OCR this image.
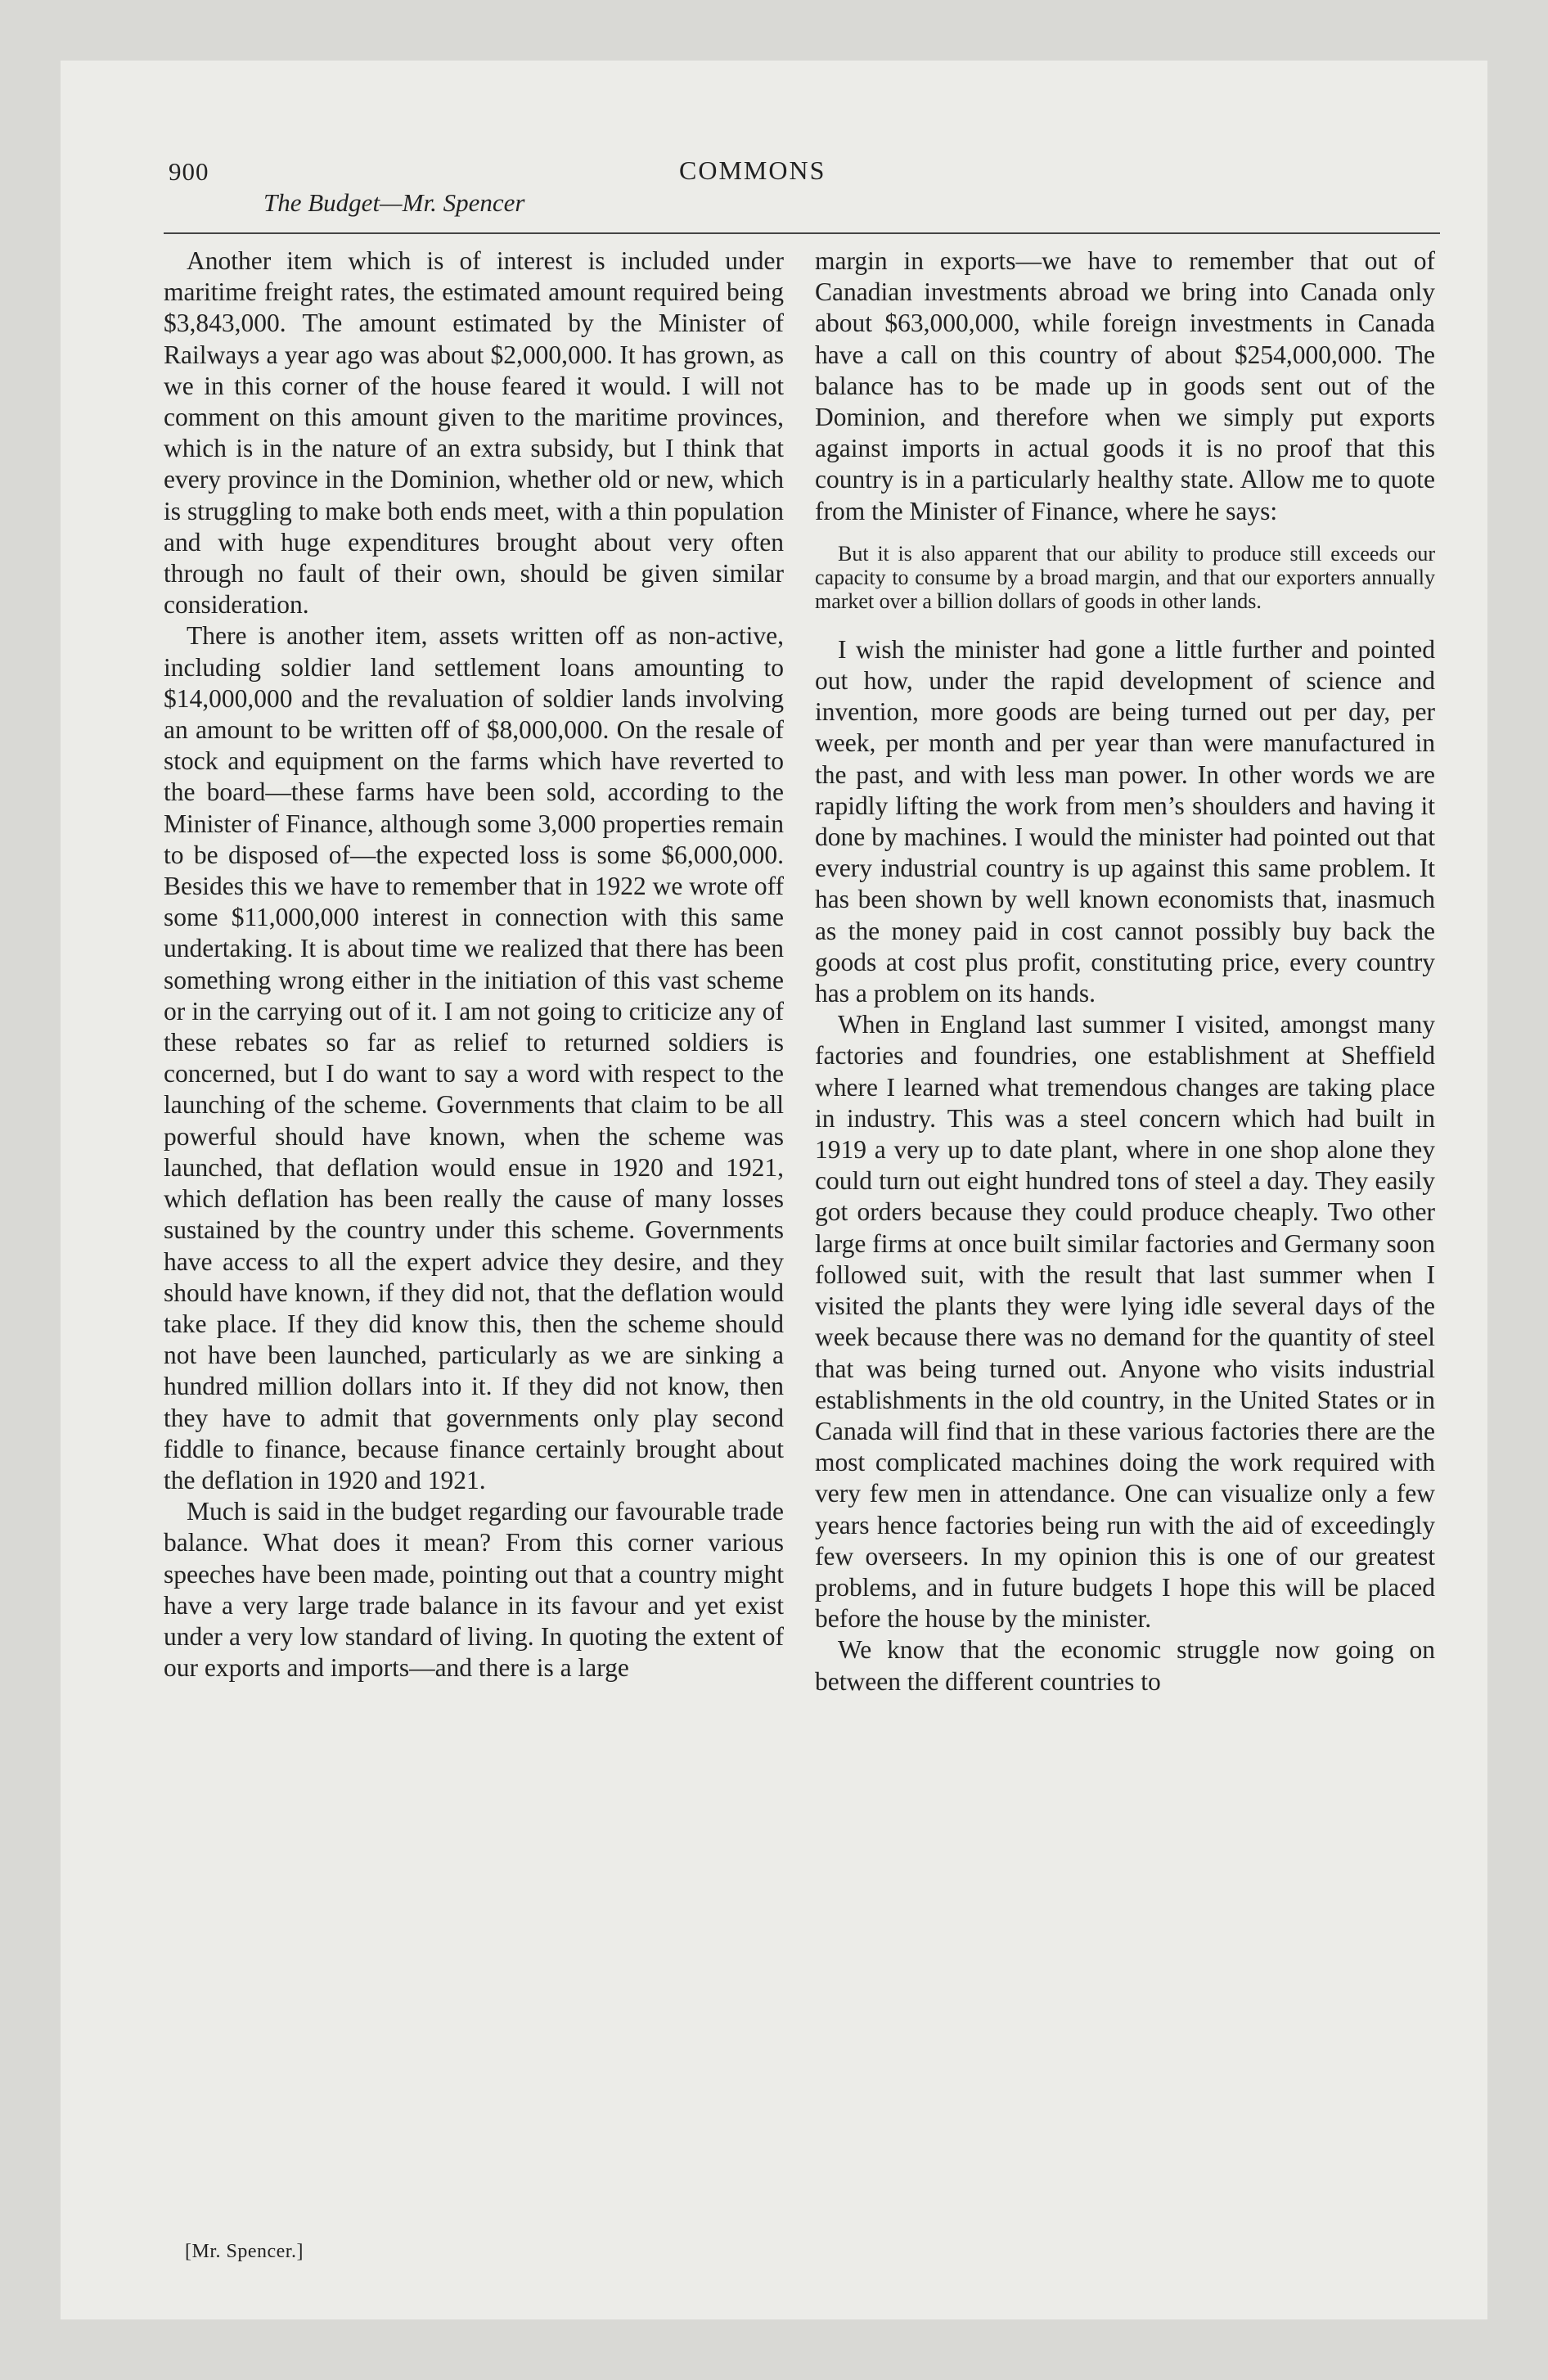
900	COMMONS
The Budget—Mr. Spencer

Another item which is of interest is included under maritime freight rates, the estimated amount required being $3,843,000. The amount estimated by the Minister of Railways a year ago was about $2,000,000. It has grown, as we in this corner of the house feared it would. I will not comment on this amount given to the maritime provinces, which is in the nature of an extra subsidy, but I think that every province in the Dominion, whether old or new, which is struggling to make both ends meet, with a thin population and with huge expenditures brought about very often through no fault of their own, should be given similar consideration.

There is another item, assets written off as non-active, including soldier land settlement loans amounting to $14,000,000 and the revaluation of soldier lands involving an amount to be written off of $8,000,000. On the resale of stock and equipment on the farms which have reverted to the board—these farms have been sold, according to the Minister of Finance, although some 3,000 properties remain to be disposed of—the expected loss is some $6,000,000. Besides this we have to remember that in 1922 we wrote off some $11,000,000 interest in connection with this same undertaking. It is about time we realized that there has been something wrong either in the initiation of this vast scheme or in the carrying out of it. I am not going to criticize any of these rebates so far as relief to returned soldiers is concerned, but I do want to say a word with respect to the launching of the scheme. Governments that claim to be all powerful should have known, when the scheme was launched, that deflation would ensue in 1920 and 1921, which deflation has been really the cause of many losses sustained by the country under this scheme. Governments have access to all the expert advice they desire, and they should have known, if they did not, that the deflation would take place. If they did know this, then the scheme should not have been launched, particularly as we are sinking a hundred million dollars into it. If they did not know, then they have to admit that governments only play second fiddle to finance, because finance certainly brought about the deflation in 1920 and 1921.

Much is said in the budget regarding our favourable trade balance. What does it mean? From this corner various speeches have been made, pointing out that a country might have a very large trade balance in its favour and yet exist under a very low standard of living. In quoting the extent of our exports and imports—and there is a large

margin in exports—we have to remember that out of Canadian investments abroad we bring into Canada only about $63,000,000, while foreign investments in Canada have a call on this country of about $254,000,000. The balance has to be made up in goods sent out of the Dominion, and therefore when we simply put exports against imports in actual goods it is no proof that this country is in a particularly healthy state. Allow me to quote from the Minister of Finance, where he says:

But it is also apparent that our ability to produce still exceeds our capacity to consume by a broad margin, and that our exporters annually market over a billion dollars of goods in other lands.

I wish the minister had gone a little further and pointed out how, under the rapid development of science and invention, more goods are being turned out per day, per week, per month and per year than were manufactured in the past, and with less man power. In other words we are rapidly lifting the work from men’s shoulders and having it done by machines. I would the minister had pointed out that every industrial country is up against this same problem. It has been shown by well known economists that, inasmuch as the money paid in cost cannot possibly buy back the goods at cost plus profit, constituting price, every country has a problem on its hands.

When in England last summer I visited, amongst many factories and foundries, one establishment at Sheffield where I learned what tremendous changes are taking place in industry. This was a steel concern which had built in 1919 a very up to date plant, where in one shop alone they could turn out eight hundred tons of steel a day. They easily got orders because they could produce cheaply. Two other large firms at once built similar factories and Germany soon followed suit, with the result that last summer when I visited the plants they were lying idle several days of the week because there was no demand for the quantity of steel that was being turned out. Anyone who visits industrial establishments in the old country, in the United States or in Canada will find that in these various factories there are the most complicated machines doing the work required with very few men in attendance. One can visualize only a few years hence factories being run with the aid of exceedingly few overseers. In my opinion this is one of our greatest problems, and in future budgets I hope this will be placed before the house by the minister.

We know that the economic struggle now going on between the different countries to

[Mr. Spencer.]
